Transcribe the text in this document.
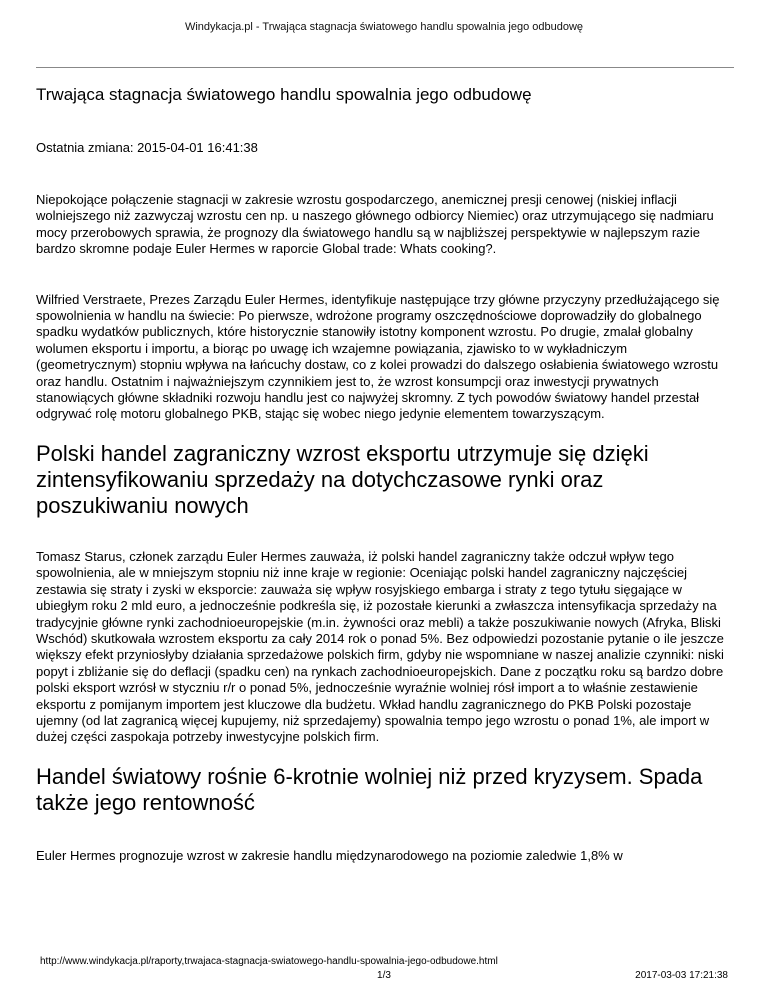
Windykacja.pl - Trwająca stagnacja światowego handlu spowalnia jego odbudowę
Trwająca stagnacja światowego handlu spowalnia jego odbudowę

Ostatnia zmiana: 2015-04-01 16:41:38

Niepokojące połączenie stagnacji w zakresie wzrostu gospodarczego, anemicznej presji cenowej (niskiej inflacji wolniejszego niż zazwyczaj wzrostu cen np. u naszego głównego odbiorcy Niemiec) oraz utrzymującego się nadmiaru mocy przerobowych sprawia, że prognozy dla światowego handlu są w najbliższej perspektywie w najlepszym razie bardzo skromne podaje Euler Hermes w raporcie Global trade: Whats cooking?.

Wilfried Verstraete, Prezes Zarządu Euler Hermes, identyfikuje następujące trzy główne przyczyny przedłużającego się spowolnienia w handlu na świecie: Po pierwsze, wdrożone programy oszczędnościowe doprowadziły do globalnego spadku wydatków publicznych, które historycznie stanowiły istotny komponent wzrostu. Po drugie, zmalał globalny wolumen eksportu i importu, a biorąc po uwagę ich wzajemne powiązania, zjawisko to w wykładniczym (geometrycznym) stopniu wpływa na łańcuchy dostaw, co z kolei prowadzi do dalszego osłabienia światowego wzrostu oraz handlu. Ostatnim i najważniejszym czynnikiem jest to, że wzrost konsumpcji oraz inwestycji prywatnych stanowiących główne składniki rozwoju handlu jest co najwyżej skromny. Z tych powodów światowy handel przestał odgrywać rolę motoru globalnego PKB, stając się wobec niego jedynie elementem towarzyszącym.

Polski handel zagraniczny wzrost eksportu utrzymuje się dzięki zintensyfikowaniu sprzedaży na dotychczasowe rynki oraz poszukiwaniu nowych

Tomasz Starus, członek zarządu Euler Hermes zauważa, iż polski handel zagraniczny także odczuł wpływ tego spowolnienia, ale w mniejszym stopniu niż inne kraje w regionie: Oceniając polski handel zagraniczny najczęściej zestawia się straty i zyski w eksporcie: zauważa się wpływ rosyjskiego embarga i straty z tego tytułu sięgające w ubiegłym roku 2 mld euro, a jednocześnie podkreśla się, iż pozostałe kierunki a zwłaszcza intensyfikacja sprzedaży na tradycyjnie główne rynki zachodnioeuropejskie (m.in. żywności oraz mebli) a także poszukiwanie nowych (Afryka, Bliski Wschód) skutkowała wzrostem eksportu za cały 2014 rok o ponad 5%. Bez odpowiedzi pozostanie pytanie o ile jeszcze większy efekt przyniosłyby działania sprzedażowe polskich firm, gdyby nie wspomniane w naszej analizie czynniki: niski popyt i zbliżanie się do deflacji (spadku cen) na rynkach zachodnioeuropejskich. Dane z początku roku są bardzo dobre polski eksport wzrósł w styczniu r/r o ponad 5%, jednocześnie wyraźnie wolniej rósł import a to właśnie zestawienie eksportu z pomijanym importem jest kluczowe dla budżetu. Wkład handlu zagranicznego do PKB Polski pozostaje ujemny (od lat zagranicą więcej kupujemy, niż sprzedajemy) spowalnia tempo jego wzrostu o ponad 1%, ale import w dużej części zaspokaja potrzeby inwestycyjne polskich firm.

Handel światowy rośnie 6-krotnie wolniej niż przed kryzysem. Spada także jego rentowność

Euler Hermes prognozuje wzrost w zakresie handlu międzynarodowego na poziomie zaledwie 1,8% w

http://www.windykacja.pl/raporty,trwajaca-stagnacja-swiatowego-handlu-spowalnia-jego-odbudowe.html
1/3	2017-03-03 17:21:38
